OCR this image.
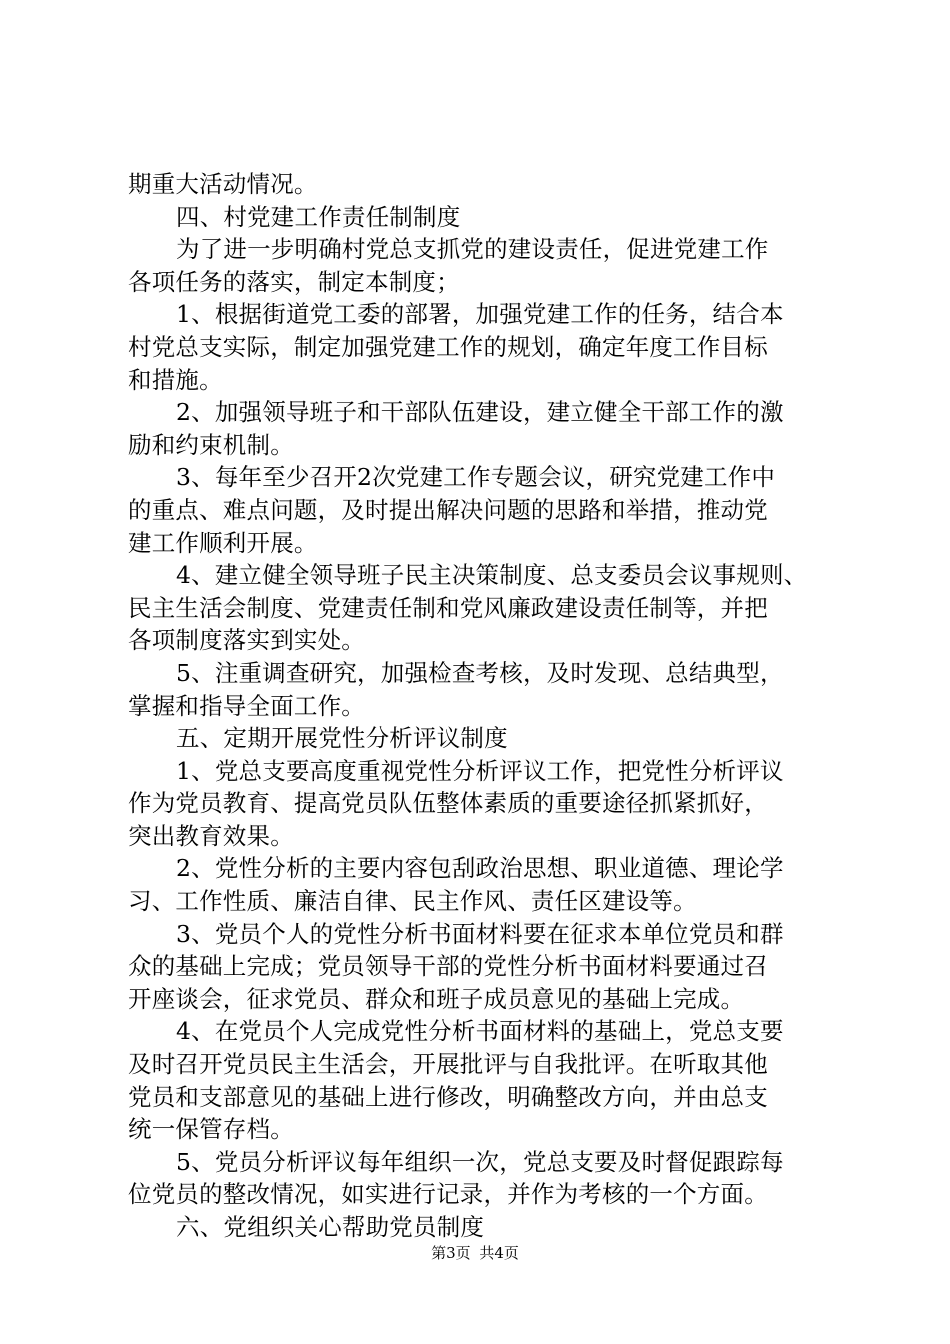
期重大活动情况。
四、村党建工作责任制制度
为了进一步明确村党总支抓党的建设责任，促进党建工作
各项任务的落实，制定本制度；
1、根据街道党工委的部署，加强党建工作的任务，结合本
村党总支实际，制定加强党建工作的规划，确定年度工作目标
和措施。
2、加强领导班子和干部队伍建设，建立健全干部工作的激
励和约束机制。
3、每年至少召开2次党建工作专题会议，研究党建工作中
的重点、难点问题，及时提出解决问题的思路和举措，推动党
建工作顺利开展。
4、建立健全领导班子民主决策制度、总支委员会议事规则、
民主生活会制度、党建责任制和党风廉政建设责任制等，并把
各项制度落实到实处。
5、注重调查研究，加强检查考核，及时发现、总结典型，
掌握和指导全面工作。
五、定期开展党性分析评议制度
1、党总支要高度重视党性分析评议工作，把党性分析评议
作为党员教育、提高党员队伍整体素质的重要途径抓紧抓好，
突出教育效果。
2、党性分析的主要内容包刮政治思想、职业道德、理论学
习、工作性质、廉洁自律、民主作风、责任区建设等。
3、党员个人的党性分析书面材料要在征求本单位党员和群
众的基础上完成；党员领导干部的党性分析书面材料要通过召
开座谈会，征求党员、群众和班子成员意见的基础上完成。
4、在党员个人完成党性分析书面材料的基础上，党总支要
及时召开党员民主生活会，开展批评与自我批评。在听取其他
党员和支部意见的基础上进行修改，明确整改方向，并由总支
统一保管存档。
5、党员分析评议每年组织一次，党总支要及时督促跟踪每
位党员的整改情况，如实进行记录，并作为考核的一个方面。
六、党组织关心帮助党员制度
第3页 共4页
